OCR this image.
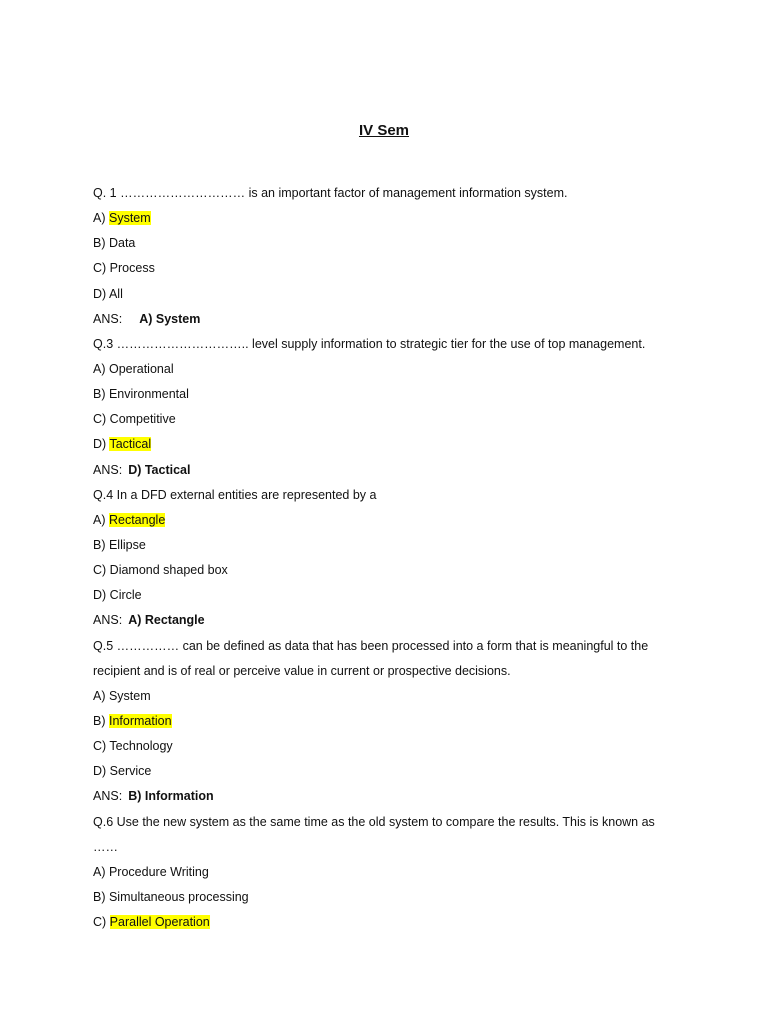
IV Sem
Q. 1 ………………………… is an important factor of management information system.
A) System
B) Data
C) Process
D) All
ANS: A) System
Q.3 ………………………….. level supply information to strategic tier for the use of top management.
A) Operational
B) Environmental
C) Competitive
D) Tactical
ANS: D) Tactical
Q.4 In a DFD external entities are represented by a
A) Rectangle
B) Ellipse
C) Diamond shaped box
D) Circle
ANS: A) Rectangle
Q.5 …………… can be defined as data that has been processed into a form that is meaningful to the
recipient and is of real or perceive value in current or prospective decisions.
A) System
B) Information
C) Technology
D) Service
ANS: B) Information
Q.6 Use the new system as the same time as the old system to compare the results. This is known as
……
A) Procedure Writing
B) Simultaneous processing
C) Parallel Operation
